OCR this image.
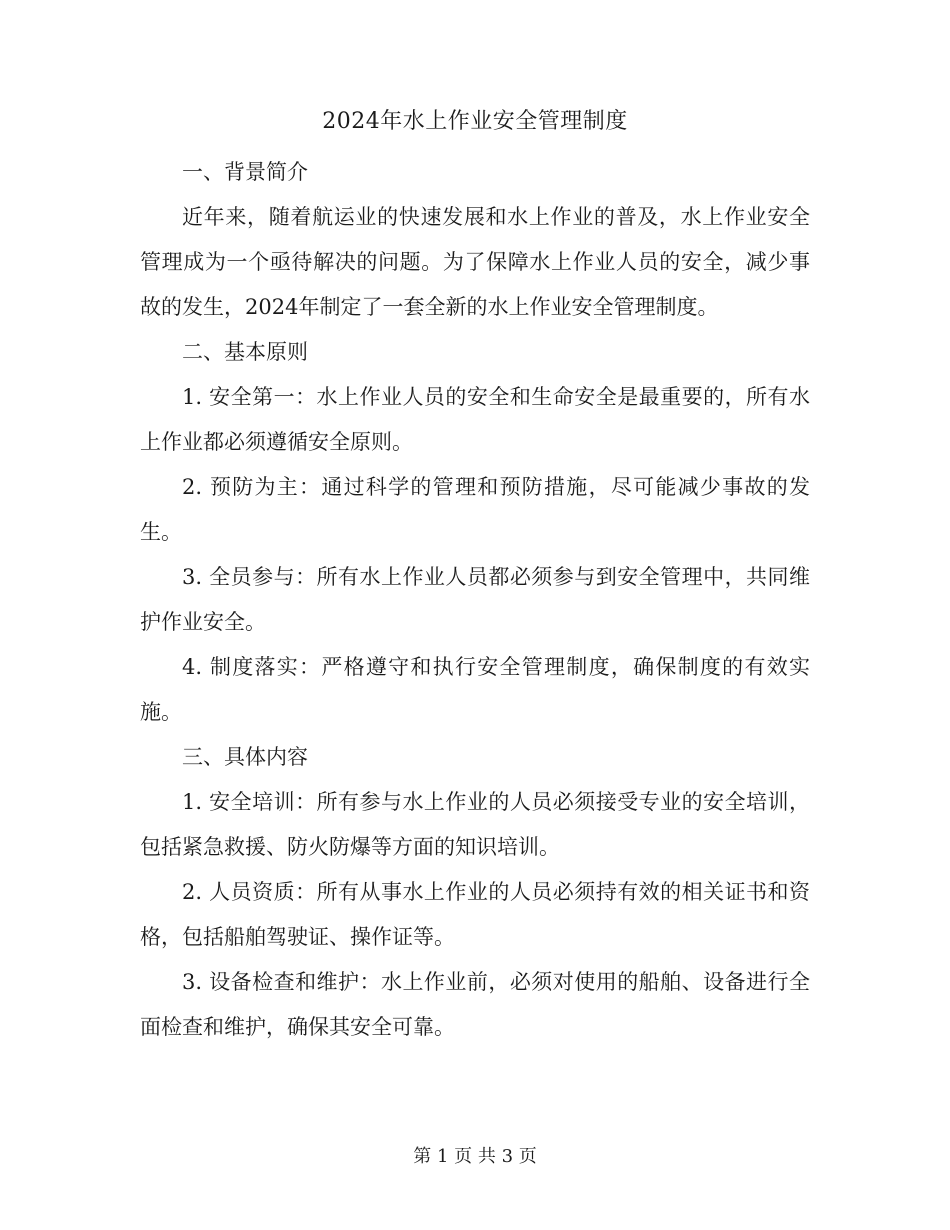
2024年水上作业安全管理制度

一、背景简介

近年来，随着航运业的快速发展和水上作业的普及，水上作业安全管理成为一个亟待解决的问题。为了保障水上作业人员的安全，减少事故的发生，2024年制定了一套全新的水上作业安全管理制度。

二、基本原则

1. 安全第一：水上作业人员的安全和生命安全是最重要的，所有水上作业都必须遵循安全原则。

2. 预防为主：通过科学的管理和预防措施，尽可能减少事故的发生。

3. 全员参与：所有水上作业人员都必须参与到安全管理中，共同维护作业安全。

4. 制度落实：严格遵守和执行安全管理制度，确保制度的有效实施。

三、具体内容

1. 安全培训：所有参与水上作业的人员必须接受专业的安全培训，包括紧急救援、防火防爆等方面的知识培训。

2. 人员资质：所有从事水上作业的人员必须持有效的相关证书和资格，包括船舶驾驶证、操作证等。

3. 设备检查和维护：水上作业前，必须对使用的船舶、设备进行全面检查和维护，确保其安全可靠。

第 1 页 共 3 页
